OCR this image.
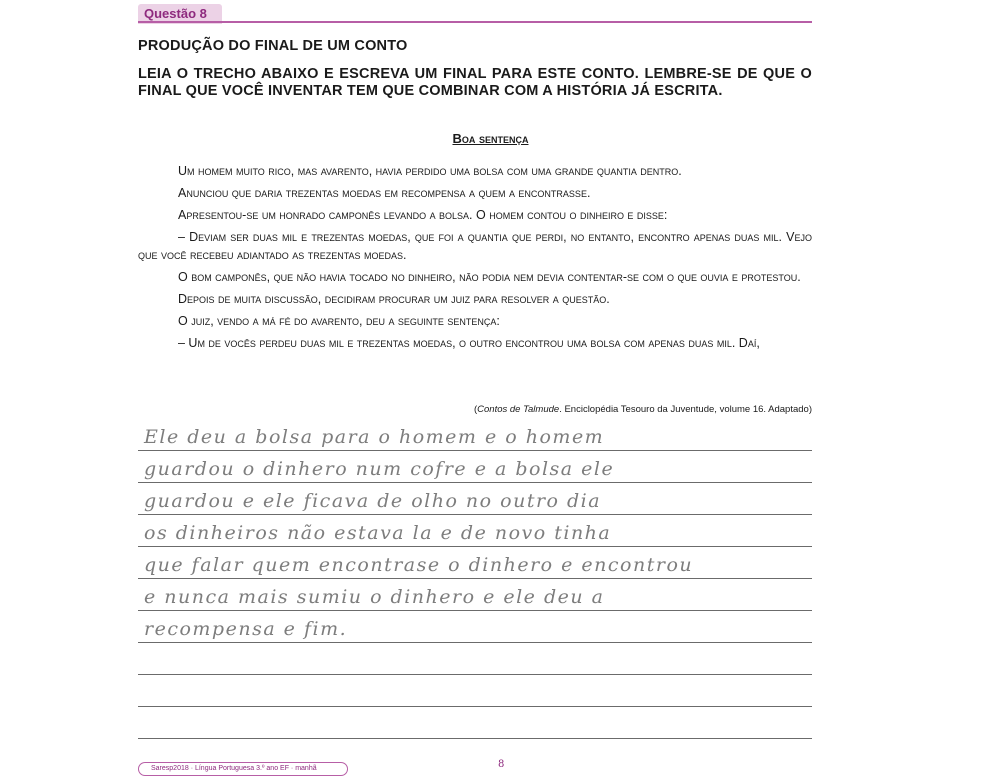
Questão 8
PRODUÇÃO DO FINAL DE UM CONTO
LEIA O TRECHO ABAIXO E ESCREVA UM FINAL PARA ESTE CONTO. LEMBRE-SE DE QUE O FINAL QUE VOCÊ INVENTAR TEM QUE COMBINAR COM A HISTÓRIA JÁ ESCRITA.
Boa sentença

Um homem muito rico, mas avarento, havia perdido uma bolsa com uma grande quantia dentro.

Anunciou que daria trezentas moedas em recompensa a quem a encontrasse.

Apresentou-se um honrado camponês levando a bolsa. O homem contou o dinheiro e disse:

– Deviam ser duas mil e trezentas moedas, que foi a quantia que perdi, no entanto, encontro apenas duas mil. Vejo que você recebeu adiantado as trezentas moedas.

O bom camponês, que não havia tocado no dinheiro, não podia nem devia contentar-se com o que ouvia e protestou.

Depois de muita discussão, decidiram procurar um juiz para resolver a questão.

O juiz, vendo a má fé do avarento, deu a seguinte sentença:

– Um de vocês perdeu duas mil e trezentas moedas, o outro encontrou uma bolsa com apenas duas mil. Daí,

(Contos de Talmude. Enciclopédia Tesouro da Juventude, volume 16. Adaptado)
Ele deu a bolsa para o homem e o homem
guardou o dinhero num cofre e a bolsa ele
guardou e ele ficava de olho no outro dia
os dinheiros não estava la e de novo tinha
que falar quem encontrase o dinhero e encontrou
e nunca mais sumiu o dinhero e ele deu a
recompensa e fim.
Saresp2018 · Língua Portuguesa 3.º ano EF · manhã	8
